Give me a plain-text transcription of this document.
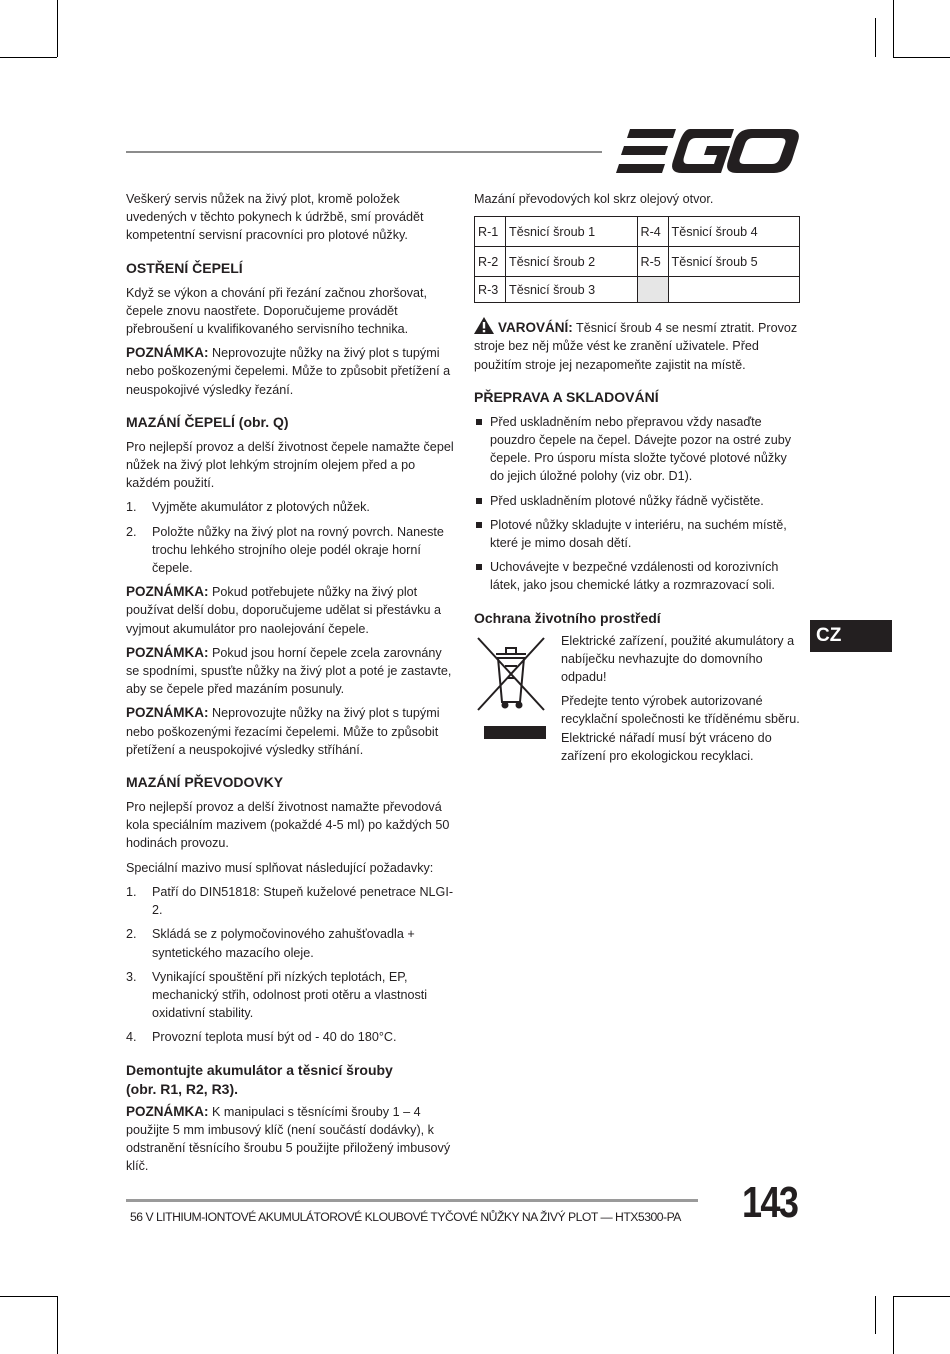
Veškerý servis nůžek na živý plot, kromě položek uvedených v těchto pokynech k údržbě, smí provádět kompetentní servisní pracovníci pro plotové nůžky.

OSTŘENÍ ČEPELÍ

Když se výkon a chování při řezání začnou zhoršovat, čepele znovu naostřete. Doporučujeme provádět přebroušení u kvalifikovaného servisního technika.

POZNÁMKA: Neprovozujte nůžky na živý plot s tupými nebo poškozenými čepelemi. Může to způsobit přetížení a neuspokojivé výsledky řezání.

MAZÁNÍ ČEPELÍ (obr. Q)

Pro nejlepší provoz a delší životnost čepele namažte čepel nůžek na živý plot lehkým strojním olejem před a po každém použití.

1. Vyjměte akumulátor z plotových nůžek.
2. Položte nůžky na živý plot na rovný povrch. Naneste trochu lehkého strojního oleje podél okraje horní čepele.

POZNÁMKA: Pokud potřebujete nůžky na živý plot používat delší dobu, doporučujeme udělat si přestávku a vyjmout akumulátor pro naolejování čepele.

POZNÁMKA: Pokud jsou horní čepele zcela zarovnány se spodními, spusťte nůžky na živý plot a poté je zastavte, aby se čepele před mazáním posunuly.

POZNÁMKA: Neprovozujte nůžky na živý plot s tupými nebo poškozenými řezacími čepelemi. Může to způsobit přetížení a neuspokojivé výsledky stříhání.

MAZÁNÍ PŘEVODOVKY

Pro nejlepší provoz a delší životnost namažte převodová kola speciálním mazivem (pokaždé 4-5 ml) po každých 50 hodinách provozu.

Speciální mazivo musí splňovat následující požadavky:

1. Patří do DIN51818: Stupeň kuželové penetrace NLGI-2.
2. Skládá se z polymočovinového zahušťovadla + syntetického mazacího oleje.
3. Vynikající spouštění při nízkých teplotách, EP, mechanický střih, odolnost proti otěru a vlastnosti oxidativní stability.
4. Provozní teplota musí být od - 40 do 180°C.
Demontujte akumulátor a těsnicí šrouby
(obr. R1, R2, R3).

POZNÁMKA: K manipulaci s těsnícími šrouby 1 – 4 použijte 5 mm imbusový klíč (není součástí dodávky), k odstranění těsnícího šroubu 5 použijte přiložený imbusový klíč.

Mazání převodových kol skrz olejový otvor.

R-1	Těsnicí šroub 1	R-4	Těsnicí šroub 4
R-2	Těsnicí šroub 2	R-5	Těsnicí šroub 5
R-3	Těsnicí šroub 3		

VAROVÁNÍ: Těsnicí šroub 4 se nesmí ztratit. Provoz stroje bez něj může vést ke zranění uživatele. Před použitím stroje jej nezapomeňte zajistit na místě.

PŘEPRAVA A SKLADOVÁNÍ
Před uskladněním nebo přepravou vždy nasaďte pouzdro čepele na čepel. Dávejte pozor na ostré zuby čepele. Pro úsporu místa složte tyčové plotové nůžky do jejich úložné polohy (viz obr. D1).
Před uskladněním plotové nůžky řádně vyčistěte.
Plotové nůžky skladujte v interiéru, na suchém místě, které je mimo dosah dětí.
Uchovávejte v bezpečné vzdálenosti od korozivních látek, jako jsou chemické látky a rozmrazovací soli.
Ochrana životního prostředí

Elektrické zařízení, použité akumulátory a nabíječku nevhazujte do domovního odpadu!

Předejte tento výrobek autorizované recyklační společnosti ke tříděnému sběru. Elektrické nářadí musí být vráceno do zařízení pro ekologickou recyklaci.

CZ
56 V LITHIUM-IONTOVÉ AKUMULÁTOROVÉ KLOUBOVÉ TYČOVÉ NŮŽKY NA ŽIVÝ PLOT — HTX5300-PA	143
